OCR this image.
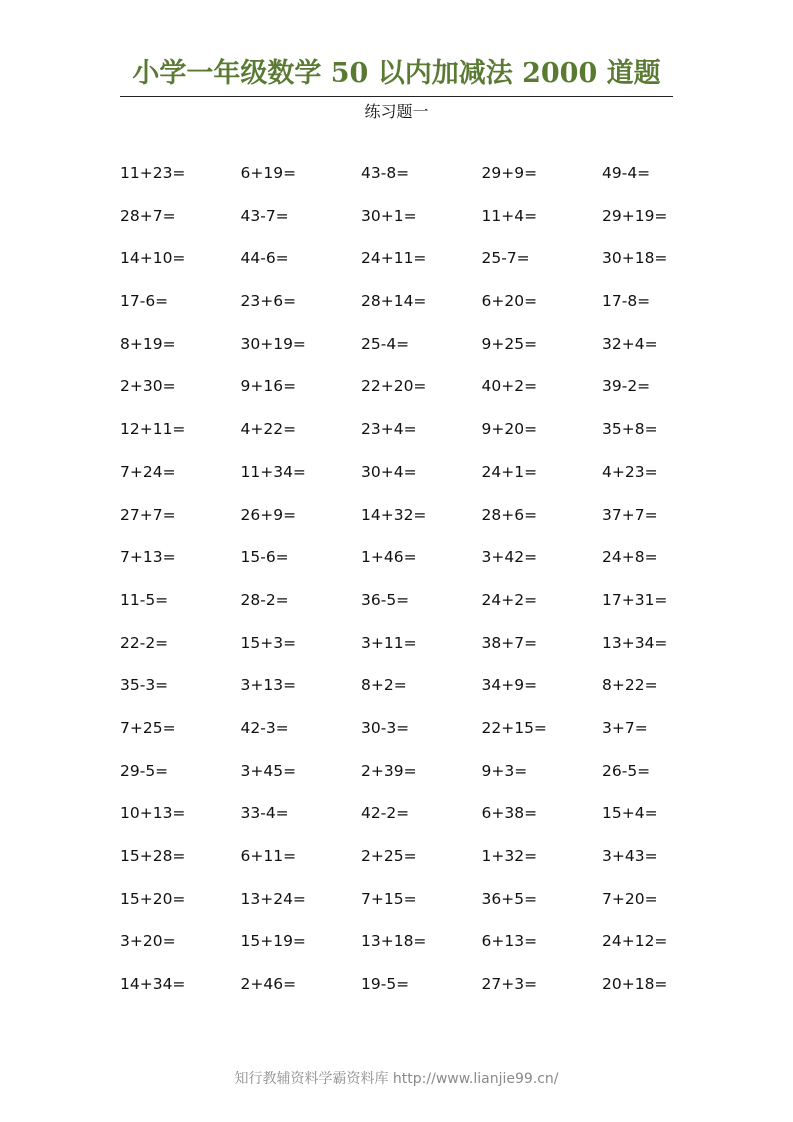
小学一年级数学 50 以内加减法 2000 道题
练习题一
11+23=	6+19=	43-8=	29+9=	49-4=
28+7=	43-7=	30+1=	11+4=	29+19=
14+10=	44-6=	24+11=	25-7=	30+18=
17-6=	23+6=	28+14=	6+20=	17-8=
8+19=	30+19=	25-4=	9+25=	32+4=
2+30=	9+16=	22+20=	40+2=	39-2=
12+11=	4+22=	23+4=	9+20=	35+8=
7+24=	11+34=	30+4=	24+1=	4+23=
27+7=	26+9=	14+32=	28+6=	37+7=
7+13=	15-6=	1+46=	3+42=	24+8=
11-5=	28-2=	36-5=	24+2=	17+31=
22-2=	15+3=	3+11=	38+7=	13+34=
35-3=	3+13=	8+2=	34+9=	8+22=
7+25=	42-3=	30-3=	22+15=	3+7=
29-5=	3+45=	2+39=	9+3=	26-5=
10+13=	33-4=	42-2=	6+38=	15+4=
15+28=	6+11=	2+25=	1+32=	3+43=
15+20=	13+24=	7+15=	36+5=	7+20=
3+20=	15+19=	13+18=	6+13=	24+12=
14+34=	2+46=	19-5=	27+3=	20+18=
知行教辅资料学霸资料库 http://www.lianjie99.cn/
